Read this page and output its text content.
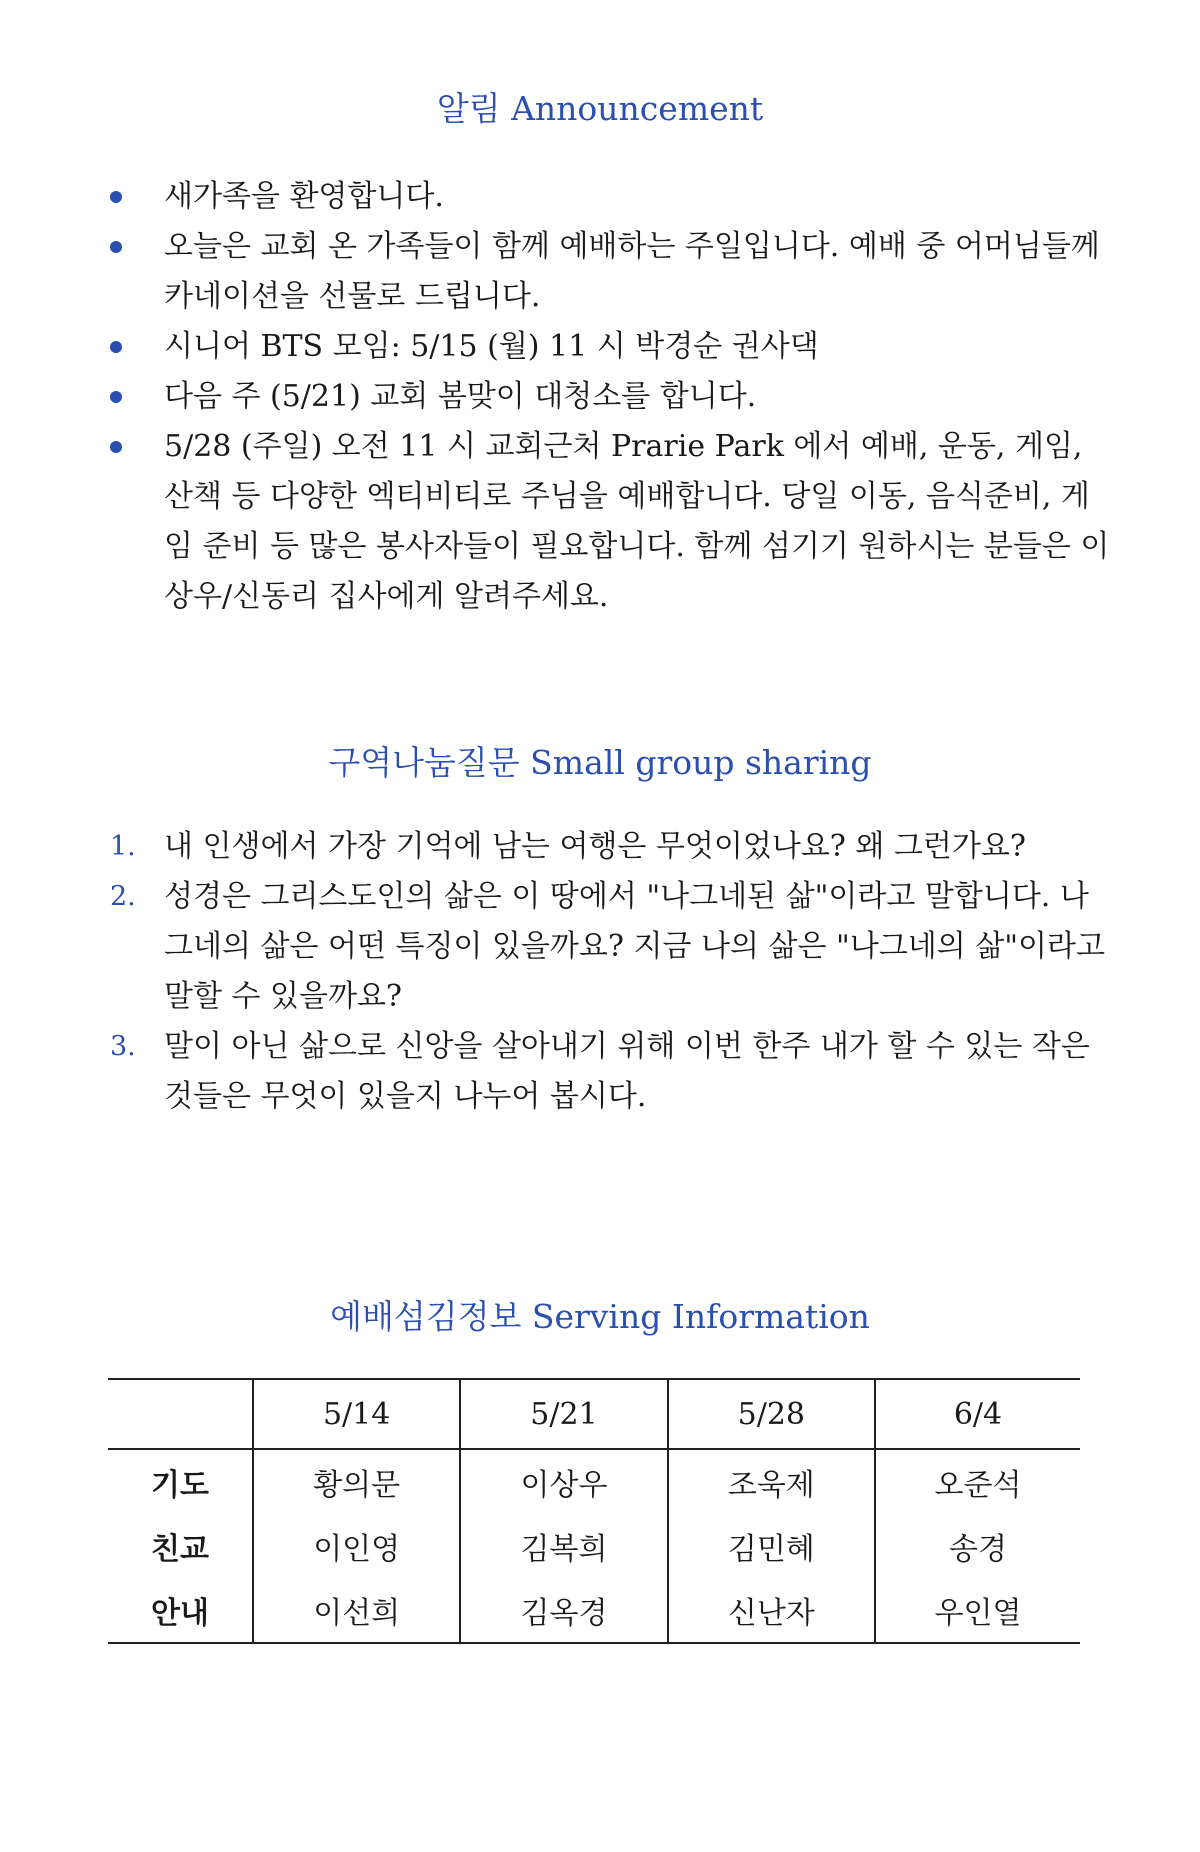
알림 Announcement
새가족을 환영합니다.
오늘은 교회 온 가족들이 함께 예배하는 주일입니다. 예배 중 어머님들께 카네이션을 선물로 드립니다.
시니어 BTS 모임: 5/15 (월) 11 시 박경순 권사댁
다음 주 (5/21) 교회 봄맞이 대청소를 합니다.
5/28 (주일) 오전 11 시 교회근처 Prarie Park 에서 예배, 운동, 게임, 산책 등 다양한 엑티비티로 주님을 예배합니다. 당일 이동, 음식준비, 게임 준비 등 많은 봉사자들이 필요합니다. 함께 섬기기 원하시는 분들은 이상우/신동리 집사에게 알려주세요.
구역나눔질문 Small group sharing
1. 내 인생에서 가장 기억에 남는 여행은 무엇이었나요? 왜 그런가요?
2. 성경은 그리스도인의 삶은 이 땅에서 "나그네된 삶"이라고 말합니다. 나그네의 삶은 어떤 특징이 있을까요? 지금 나의 삶은 "나그네의 삶"이라고 말할 수 있을까요?
3. 말이 아닌 삶으로 신앙을 살아내기 위해 이번 한주 내가 할 수 있는 작은 것들은 무엇이 있을지 나누어 봅시다.
예배섬김정보 Serving Information
	5/14	5/21	5/28	6/4
기도	황의문	이상우	조욱제	오준석
친교	이인영	김복희	김민혜	송경
안내	이선희	김옥경	신난자	우인열
